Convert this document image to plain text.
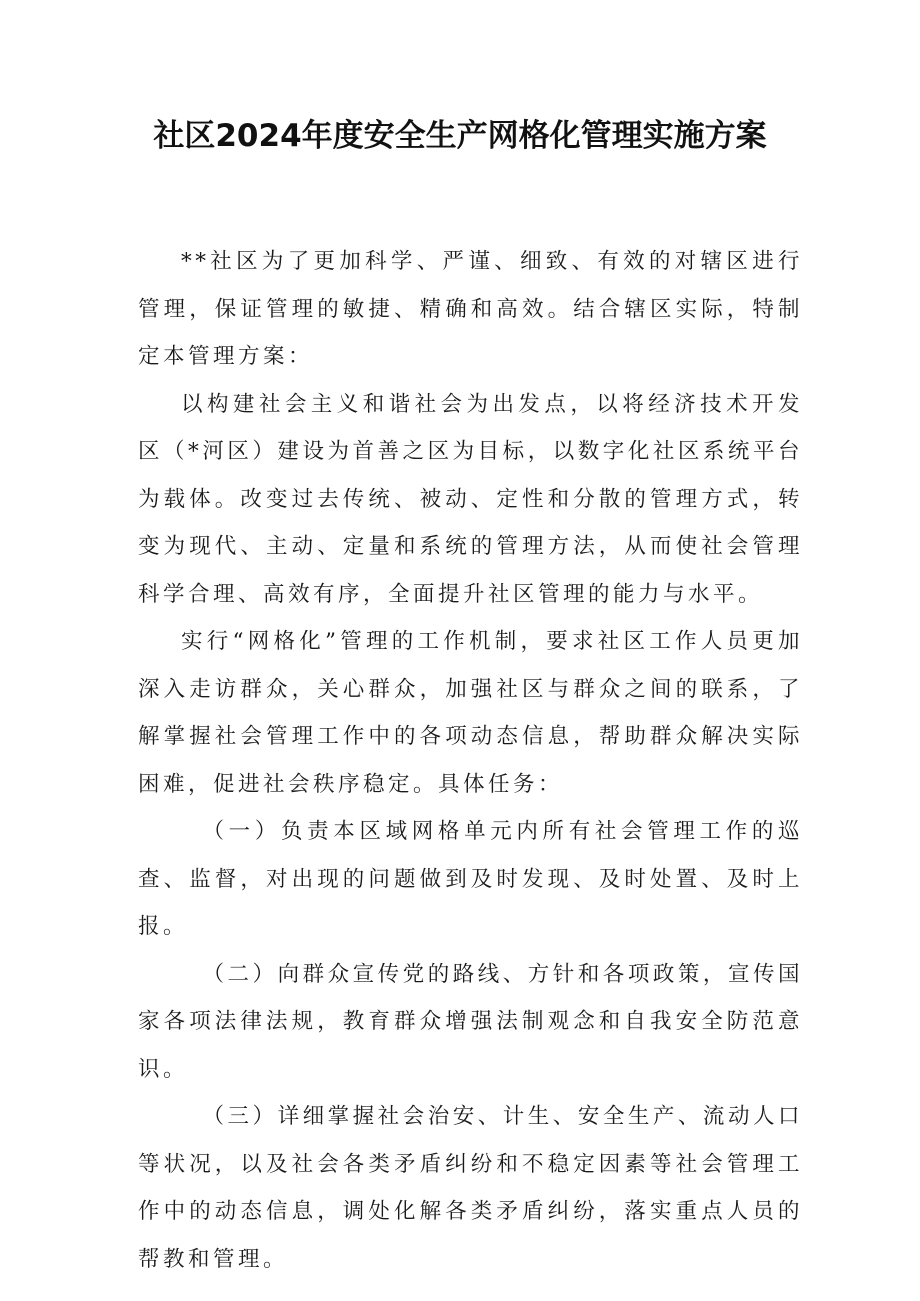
社区2024年度安全生产网格化管理实施方案

**社区为了更加科学、严谨、细致、有效的对辖区进行管理，保证管理的敏捷、精确和高效。结合辖区实际，特制定本管理方案：

以构建社会主义和谐社会为出发点，以将经济技术开发区（*河区）建设为首善之区为目标，以数字化社区系统平台为载体。改变过去传统、被动、定性和分散的管理方式，转变为现代、主动、定量和系统的管理方法，从而使社会管理科学合理、高效有序，全面提升社区管理的能力与水平。

实行“网格化”管理的工作机制，要求社区工作人员更加深入走访群众，关心群众，加强社区与群众之间的联系，了解掌握社会管理工作中的各项动态信息，帮助群众解决实际困难，促进社会秩序稳定。具体任务：

（一）负责本区域网格单元内所有社会管理工作的巡查、监督，对出现的问题做到及时发现、及时处置、及时上报。

（二）向群众宣传党的路线、方针和各项政策，宣传国家各项法律法规，教育群众增强法制观念和自我安全防范意识。

（三）详细掌握社会治安、计生、安全生产、流动人口等状况，以及社会各类矛盾纠纷和不稳定因素等社会管理工作中的动态信息，调处化解各类矛盾纠纷，落实重点人员的帮教和管理。
